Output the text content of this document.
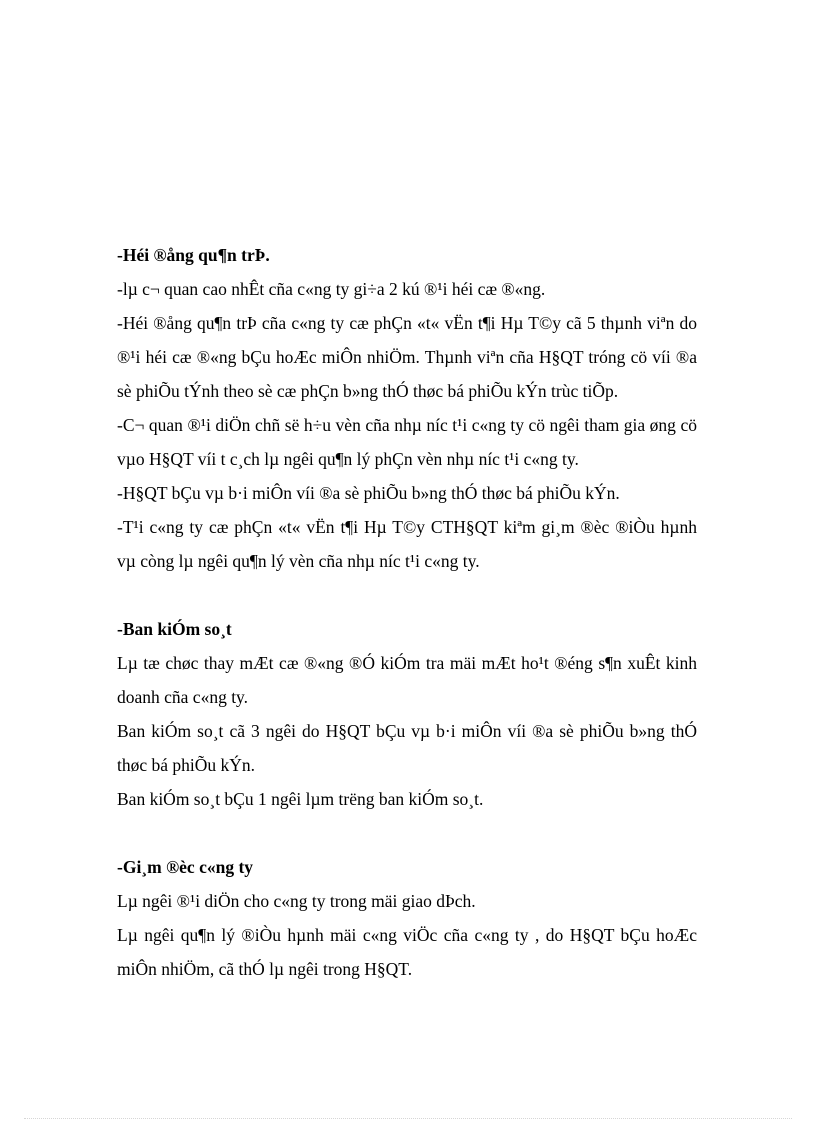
-Héi ®ång qu¶n trÞ.

-lµ c¬ quan cao nhÊt cña c«ng ty gi÷a 2 kú ®¹i héi cæ ®«ng.

-Héi ®ång qu¶n trÞ cña c«ng ty cæ phÇn «t« vËn t¶i Hµ T©y cã 5 thµnh viªn do ®¹i héi cæ ®«ng bÇu hoÆc miÔn nhiÖm. Thµnh viªn cña H§QT tróng cö víi ®a sè phiÕu tÝnh theo sè cæ phÇn b»ng thÓ thøc bá phiÕu kÝn trùc tiÕp.

-C¬ quan ®¹i diÖn chñ së h÷u vèn cña nhµ níc t¹i c«ng ty cö ngêi tham gia øng cö vµo H§QT víi t c¸ch lµ ngêi qu¶n lý phÇn vèn nhµ níc t¹i c«ng ty.

-H§QT bÇu vµ b·i miÔn víi ®a sè phiÕu b»ng thÓ thøc bá phiÕu kÝn.

-T¹i c«ng ty cæ phÇn «t« vËn t¶i Hµ T©y CTH§QT kiªm gi¸m ®èc ®iÒu hµnh vµ còng lµ ngêi qu¶n lý vèn cña nhµ níc t¹i c«ng ty.

-Ban kiÓm so¸t

Lµ tæ chøc thay mÆt cæ ®«ng ®Ó kiÓm tra mäi mÆt ho¹t ®éng s¶n xuÊt kinh doanh cña c«ng ty.

Ban kiÓm so¸t cã 3 ngêi do H§QT bÇu vµ b·i miÔn víi ®a sè phiÕu b»ng thÓ thøc bá phiÕu kÝn.

Ban kiÓm so¸t bÇu 1 ngêi lµm trëng ban kiÓm so¸t.

-Gi¸m ®èc c«ng ty

Lµ ngêi ®¹i diÖn cho c«ng ty trong mäi giao dÞch.

Lµ ngêi qu¶n lý ®iÒu hµnh mäi c«ng viÖc cña c«ng ty , do H§QT bÇu hoÆc miÔn nhiÖm, cã thÓ lµ ngêi trong H§QT.
